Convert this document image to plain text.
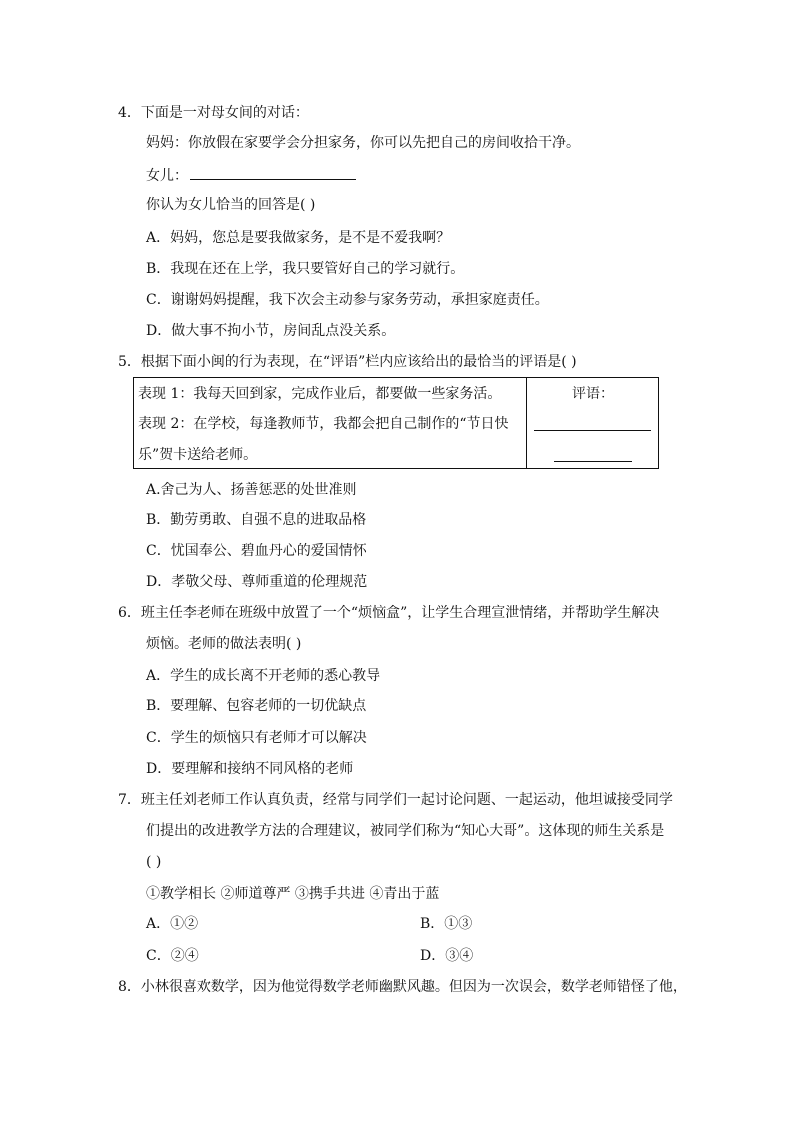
4．下面是一对母女间的对话：
妈妈：你放假在家要学会分担家务，你可以先把自己的房间收拾干净。
女儿：
你认为女儿恰当的回答是( )
A．妈妈，您总是要我做家务，是不是不爱我啊？
B．我现在还在上学，我只要管好自己的学习就行。
C．谢谢妈妈提醒，我下次会主动参与家务劳动，承担家庭责任。
D．做大事不拘小节，房间乱点没关系。
5．根据下面小闽的行为表现，在“评语”栏内应该给出的最恰当的评语是( )
表现 1：我每天回到家，完成作业后，都要做一些家务活。
表现 2：在学校，每逢教师节，我都会把自己制作的“节日快
乐”贺卡送给老师。
评语：
A.舍己为人、扬善惩恶的处世准则
B．勤劳勇敢、自强不息的进取品格
C．忧国奉公、碧血丹心的爱国情怀
D．孝敬父母、尊师重道的伦理规范
6．班主任李老师在班级中放置了一个“烦恼盒”，让学生合理宣泄情绪，并帮助学生解决
烦恼。老师的做法表明( )
A．学生的成长离不开老师的悉心教导
B．要理解、包容老师的一切优缺点
C．学生的烦恼只有老师才可以解决
D．要理解和接纳不同风格的老师
7．班主任刘老师工作认真负责，经常与同学们一起讨论问题、一起运动，他坦诚接受同学
们提出的改进教学方法的合理建议，被同学们称为“知心大哥”。这体现的师生关系是
( )
①教学相长 ②师道尊严 ③携手共进 ④青出于蓝
A．①②	B．①③
C．②④	D．③④
8．小林很喜欢数学，因为他觉得数学老师幽默风趣。但因为一次误会，数学老师错怪了他，
